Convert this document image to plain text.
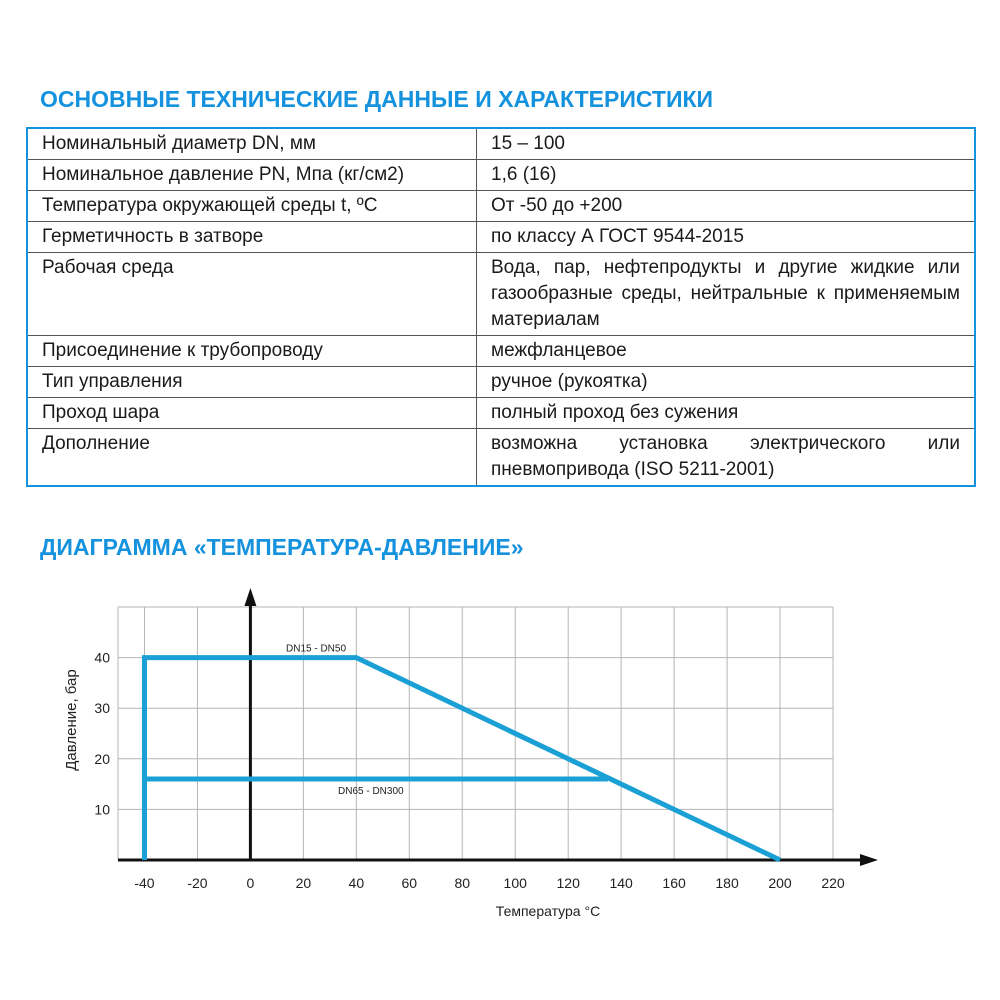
ОСНОВНЫЕ ТЕХНИЧЕСКИЕ ДАННЫЕ И ХАРАКТЕРИСТИКИ
Номинальный диаметр DN, мм	15 – 100
Номинальное давление PN, Мпа (кг/см2)	1,6 (16)
Температура окружающей среды t, ºC	От -50 до +200
Герметичность в затворе	по классу А ГОСТ 9544-2015
Рабочая среда	Вода, пар, нефтепродукты и другие жидкие или газообразные среды, нейтральные к применяемым материалам
Присоединение к трубопроводу	межфланцевое
Тип управления	ручное (рукоятка)
Проход шара	полный проход без сужения
Дополнение	возможна установка электрического или пневмопривода (ISO 5211-2001)
ДИАГРАММА «ТЕМПЕРАТУРА-ДАВЛЕНИЕ»
-40 -20	0	20	40	60	80 100 120 140 160 180 200 220
10
20
30
40
DN15 - DN50
DN65 - DN300
Температура °C
Давление, бар
